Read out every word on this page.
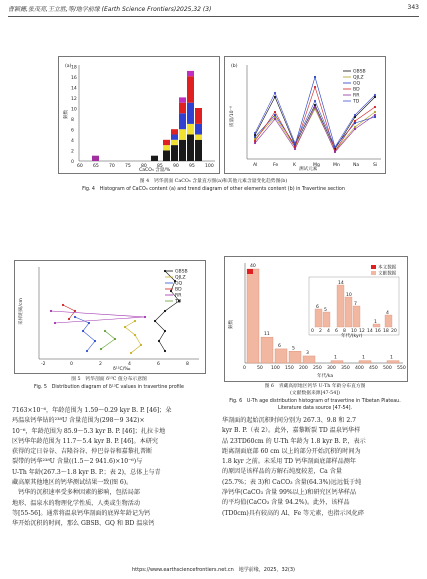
曹颖姗,张茂亮,王立胜,等/地学前缘 (Earth Science Frontiers)2025,32 (3)	343
(a)
频数
60 65 70 75 80 85 90 95 100
0
2
4
6
8
10
12
14
16
18
CaCO₃ 含量/%
(b)
质量/10⁻⁶
GBSB
QJLZ
GQ
BD
RR
TD
Al	Fe	K	Mg	Mn	Na	Si
测试元素
图 4　钙华剖面 CaCO₃ 含量直方图(a)和其他元素含量变化趋势图(b)
Fig. 4　Histogram of CaCO₃ content (a) and trend diagram of other elements content (b) in Travertine section
采样距离/cm
GBSB
QJLZ
GQ
BD
RR
TD
-2	0	2	4	6	8
δ¹³C/‰
图 5　钙华剖面 δ¹³C 值分布示意图
Fig. 5　Distribution diagram of δ¹³C values in travertine profile
频数
40
11
6 5
3
1	1	1
0 50 100 150 200 250 300 350 400 450 500 550
6
5
14
10
7
1
4
0 2 4 6 8 10 12 14 16 18 20
年代/(kyr)
本文数据
文献数据
年代/ka
图 6　青藏高原地区钙华 U-Th 年龄分布直方图
(文献数据来源[47-54])
Fig. 6　U-Th age distribution histogram of travertine in Tibetan Plateau. Literature data source [47-54].

7163×10⁻⁶，年龄范围为 1.59～0.29 kyr B. P. [46]；朵

玛温泉钙华钻的²³⁸U 含量范围为(298～9 342)×

10⁻⁶，年龄范围为 85.9～5.3 kyr B. P. [46]；扎拉卡地

区钙华年龄范围为 11.7～5.4 kyr B. P. [46]。本研究

获得的定日谷谷、吉隆谷谷、仲巴谷谷和嘉黎扎普断

裂带的钙华²³⁸U 含量((1.5～2 941.6)×10⁻⁶)与

U-Th 年龄(267.3～1.8 kyr B. P.；表 2)，总体上与青

藏高原其他地区的钙华测试结果一致(图 6)。

　钙华的沉积速率受多种因素的影响，包括局部

地形、温泉水的物理化学性质、人类或生物活动

等[55-56]。通常将温泉钙华剖面的底界年龄记为钙

华开始沉积的时间，那么 GBSB、GQ 和 BD 温泉钙

华剖面的起始沉积时间分别为 267.3、9.8 和 2.7

kyr B. P.（表 2）。此外，嘉黎断裂 TD 温泉钙华样

品 23TD60cm 的 U-Th 年龄为 1.8 kyr B. P.，表示

距离剖面底部 60 cm 以上的部分开始沉积的时间为

1.8 kyr 之前。未采用 TD 钙华剖面底部样品测年

的原因是该样品的方解石纯度较差，Ca 含量

(25.7%；表 3)和 CaCO₃ 含量(64.3%)远远低于纯

净钙华(CaCO₃ 含量 99%以上)和研究区钙华样品

的平均值(CaCO₃ 含量 94.2%)。此外，该样品

(TD0cm)具有较高的 Al、Fe 等元素，也指示风化碎

https://www.earthsciencefrontiers.net.cn　地学前缘，2025，32(3)
